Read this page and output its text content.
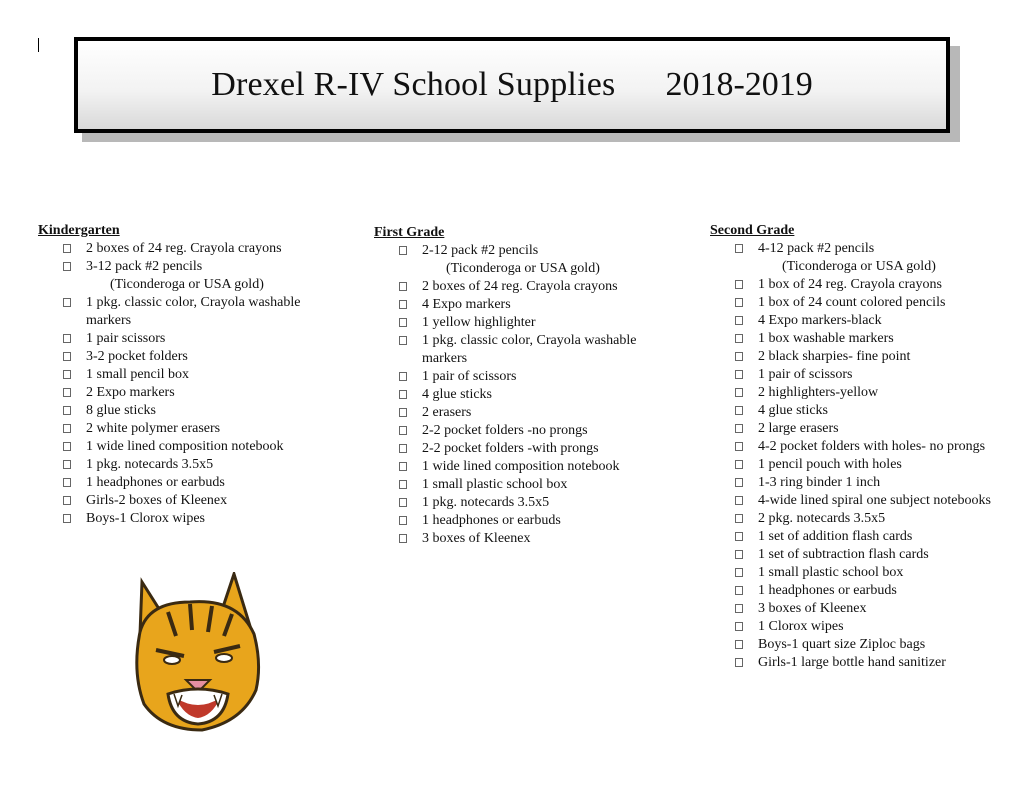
Drexel R-IV School Supplies 2018-2019
Kindergarten
2 boxes of 24 reg. Crayola crayons
3-12 pack #2 pencils
(Ticonderoga or USA gold)
1 pkg. classic color, Crayola washable markers
1 pair scissors
3-2 pocket folders
1 small pencil box
2 Expo markers
8 glue sticks
2 white polymer erasers
1 wide lined composition notebook
1 pkg. notecards 3.5x5
1 headphones or earbuds
Girls-2 boxes of Kleenex
Boys-1 Clorox wipes
First Grade
2-12 pack #2 pencils
(Ticonderoga or USA gold)
2 boxes of 24 reg. Crayola crayons
4 Expo markers
1 yellow highlighter
1 pkg. classic color, Crayola washable markers
1 pair of scissors
4 glue sticks
2 erasers
2-2 pocket folders -no prongs
2-2 pocket folders -with prongs
1 wide lined composition notebook
1 small plastic school box
1 pkg. notecards 3.5x5
1 headphones or earbuds
3 boxes of Kleenex
Second Grade
4-12 pack #2 pencils
(Ticonderoga or USA gold)
1 box of 24 reg. Crayola crayons
1 box of 24 count colored pencils
4 Expo markers-black
1 box washable markers
2 black sharpies- fine point
1 pair of scissors
2 highlighters-yellow
4 glue sticks
2 large erasers
4-2 pocket folders with holes- no prongs
1 pencil pouch with holes
1-3 ring binder 1 inch
4-wide lined spiral one subject notebooks
2 pkg. notecards 3.5x5
1 set of addition flash cards
1 set of subtraction flash cards
1 small plastic school box
1 headphones or earbuds
3 boxes of Kleenex
1 Clorox wipes
Boys-1 quart size Ziploc bags
Girls-1 large bottle hand sanitizer
